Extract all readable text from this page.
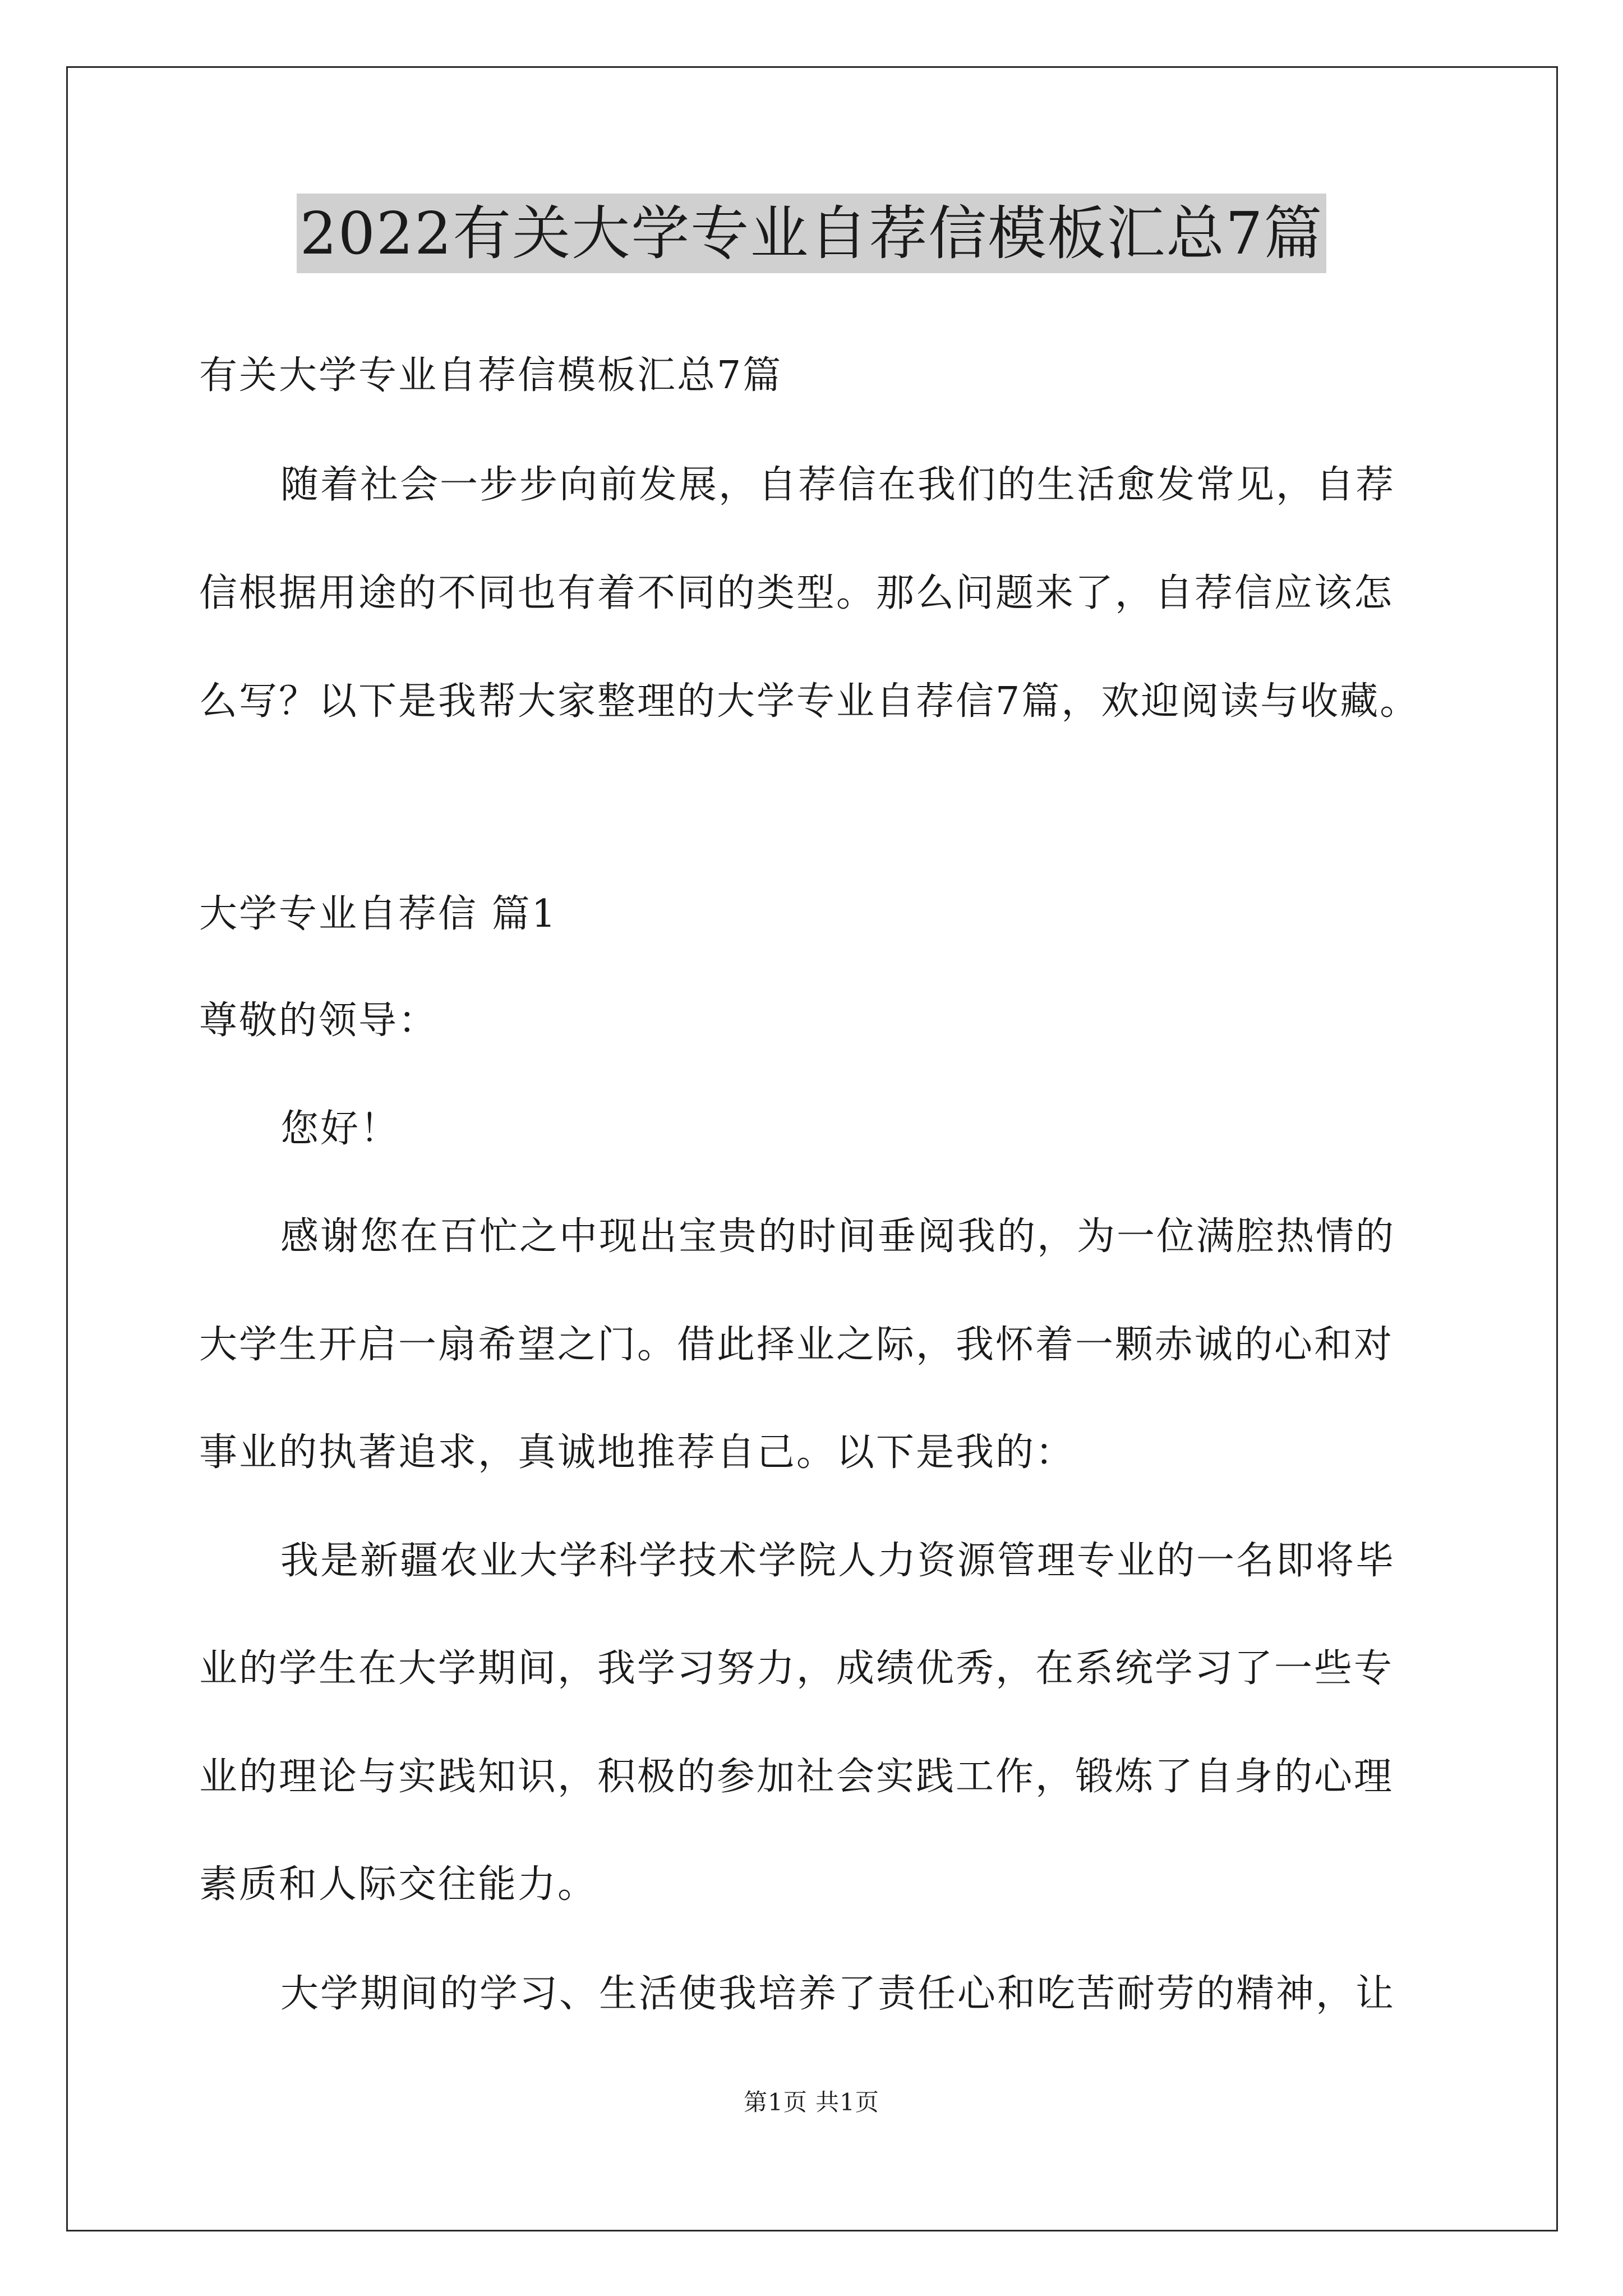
2022有关大学专业自荐信模板汇总7篇
有关大学专业自荐信模板汇总7篇
随着社会一步步向前发展，自荐信在我们的生活愈发常见，自荐
信根据用途的不同也有着不同的类型。那么问题来了，自荐信应该怎
么写？以下是我帮大家整理的大学专业自荐信7篇，欢迎阅读与收藏。
大学专业自荐信 篇1
尊敬的领导：
您好！
感谢您在百忙之中现出宝贵的时间垂阅我的，为一位满腔热情的
大学生开启一扇希望之门。借此择业之际，我怀着一颗赤诚的心和对
事业的执著追求，真诚地推荐自己。以下是我的：
我是新疆农业大学科学技术学院人力资源管理专业的一名即将毕
业的学生在大学期间，我学习努力，成绩优秀，在系统学习了一些专
业的理论与实践知识，积极的参加社会实践工作，锻炼了自身的心理
素质和人际交往能力。
大学期间的学习、生活使我培养了责任心和吃苦耐劳的精神，让
第1页 共1页
